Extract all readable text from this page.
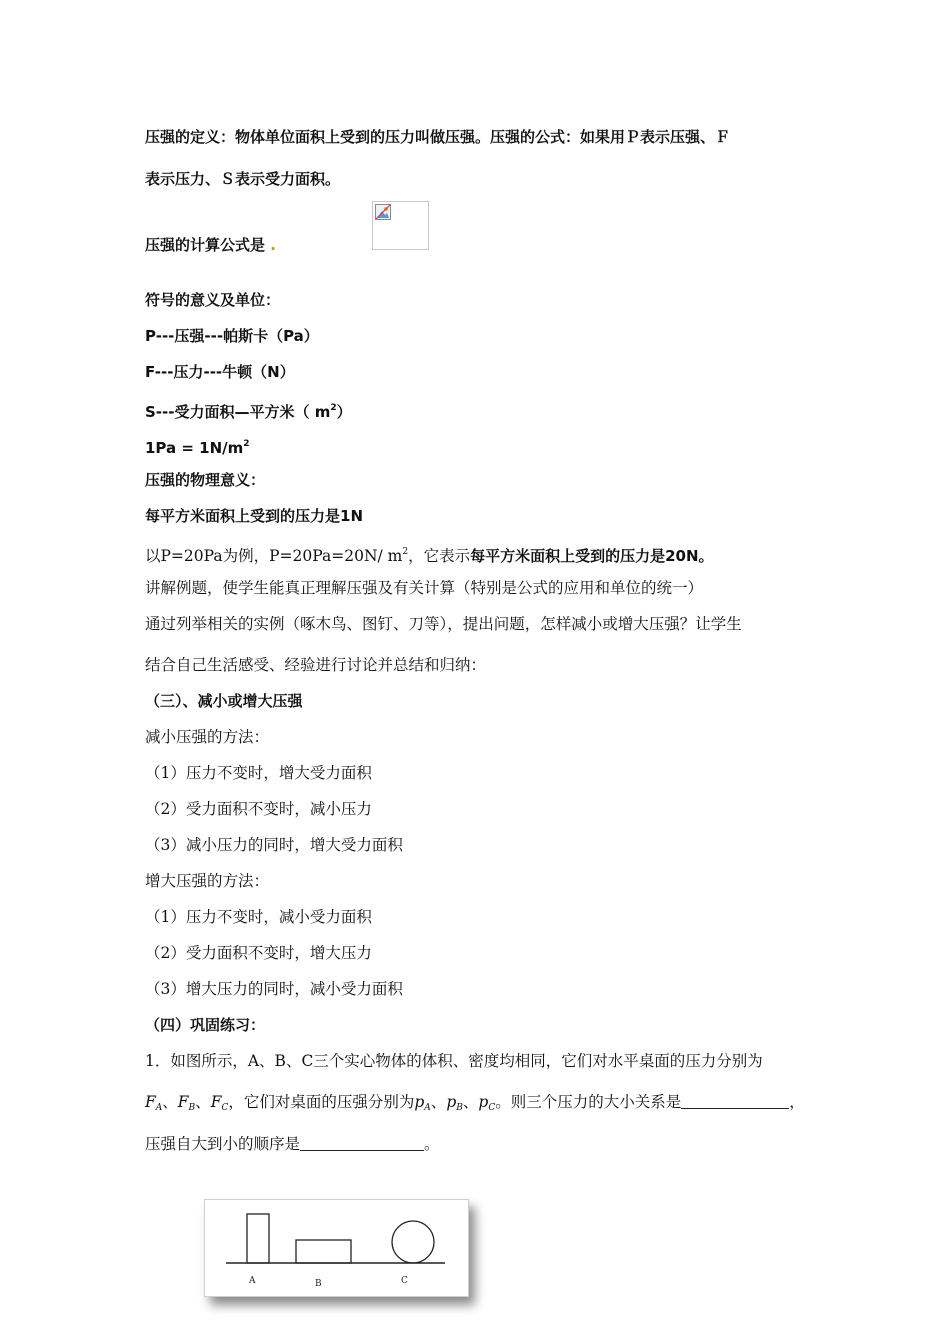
压强的定义：物体单位面积上受到的压力叫做压强。压强的公式：如果用Ｐ表示压强、Ｆ
表示压力、Ｓ表示受力面积。
压强的计算公式是 .
符号的意义及单位：
P---压强---帕斯卡（Pa）
F---压力---牛顿（N）
S---受力面积—平方米（ $m^2$）
$1Pa = 1N/m^2$
压强的物理意义：
每平方米面积上受到的压力是1N
以P=20Pa为例，P=20Pa=20N/ $m^2$，它表示每平方米面积上受到的压力是20N。
讲解例题，使学生能真正理解压强及有关计算（特别是公式的应用和单位的统一）
通过列举相关的实例（啄木鸟、图钉、刀等），提出问题，怎样减小或增大压强？让学生
结合自己生活感受、经验进行讨论并总结和归纳：
（三）、减小或增大压强
减小压强的方法：
（1）压力不变时，增大受力面积
（2）受力面积不变时，减小压力
（3）减小压力的同时，增大受力面积
增大压强的方法：
（1）压力不变时，减小受力面积
（2）受力面积不变时，增大压力
（3）增大压力的同时，减小受力面积
（四）巩固练习：
1．如图所示，A、B、C三个实心物体的体积、密度均相同，它们对水平桌面的压力分别为
$F_A$、$F_B$、$F_C$，它们对桌面的压强分别为$p_A$、$p_B$、$p_C$。则三个压力的大小关系是	，
压强自大到小的顺序是	。
A	B	C
